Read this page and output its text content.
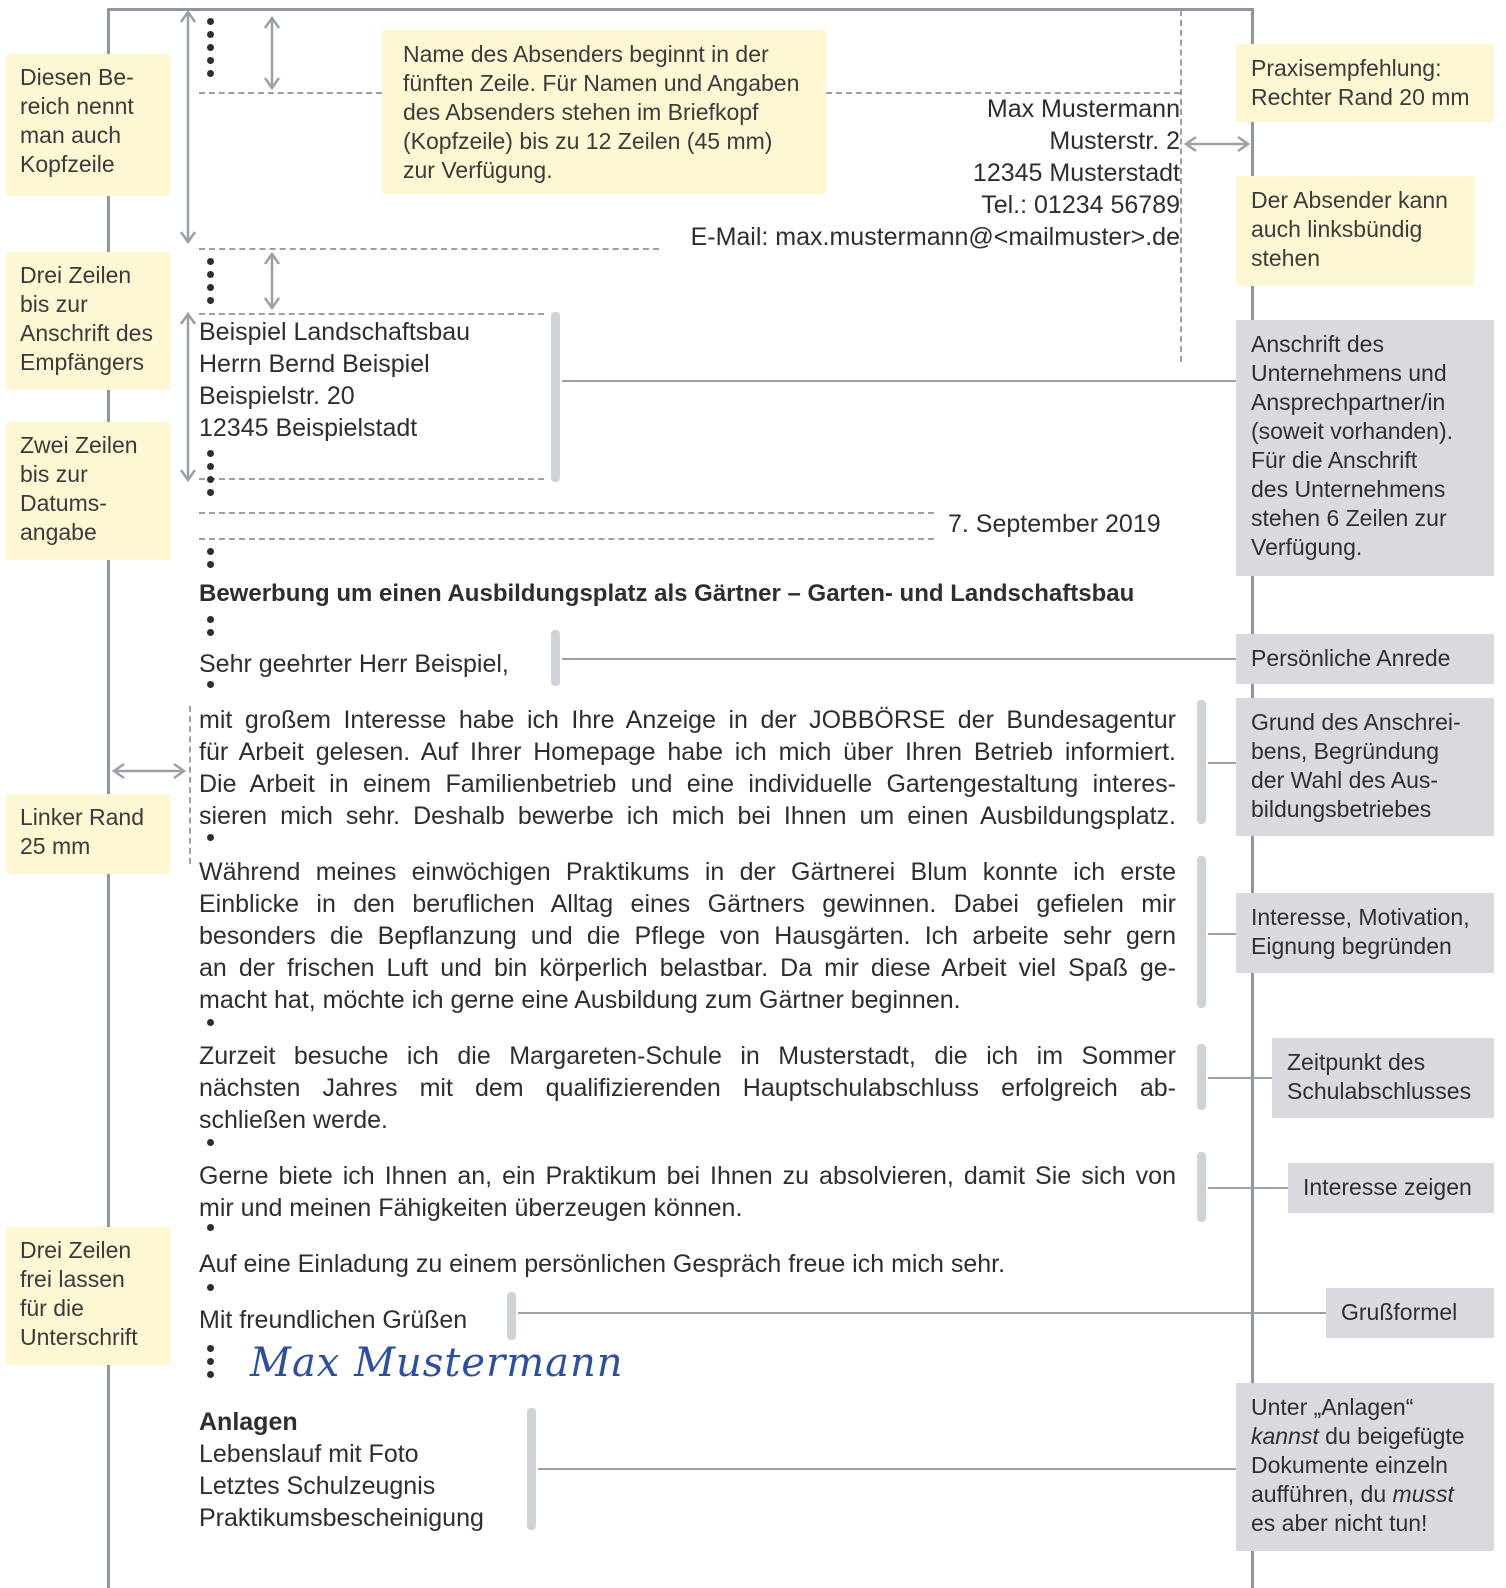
Diesen Be-
reich nennt
man auch
Kopfzeile
Drei Zeilen
bis zur
Anschrift des
Empfängers
Zwei Zeilen
bis zur
Datums-
angabe
Linker Rand
25 mm
Drei Zeilen
frei lassen
für die
Unterschrift
Name des Absenders beginnt in der
fünften Zeile. Für Namen und Angaben
des Absenders stehen im Briefkopf
(Kopfzeile) bis zu 12 Zeilen (45 mm)
zur Verfügung.
Praxisempfehlung:
Rechter Rand 20 mm
Der Absender kann
auch linksbündig
stehen
Anschrift des
Unternehmens und
Ansprechpartner/in
(soweit vorhanden).
Für die Anschrift
des Unternehmens
stehen 6 Zeilen zur
Verfügung.
Persönliche Anrede
Grund des Anschrei-
bens, Begründung
der Wahl des Aus-
bildungsbetriebes
Interesse, Motivation,
Eignung begründen
Zeitpunkt des
Schulabschlusses
Interesse zeigen
Grußformel
Unter „Anlagen“
kannst du beigefügte
Dokumente einzeln
aufführen, du musst
es aber nicht tun!
Max Mustermann
Musterstr. 2
12345 Musterstadt
Tel.: 01234 56789
E-Mail: max.mustermann@<mailmuster>.de
Beispiel Landschaftsbau
Herrn Bernd Beispiel
Beispielstr. 20
12345 Beispielstadt
7. September 2019
Bewerbung um einen Ausbildungsplatz als Gärtner – Garten- und Landschaftsbau
Sehr geehrter Herr Beispiel,
mit großem Interesse habe ich Ihre Anzeige in der JOBBÖRSE der Bundesagentur
für Arbeit gelesen. Auf Ihrer Homepage habe ich mich über Ihren Betrieb informiert.
Die Arbeit in einem Familienbetrieb und eine individuelle Gartengestaltung interes-
sieren mich sehr. Deshalb bewerbe ich mich bei Ihnen um einen Ausbildungsplatz.
Während meines einwöchigen Praktikums in der Gärtnerei Blum konnte ich erste
Einblicke in den beruflichen Alltag eines Gärtners gewinnen. Dabei gefielen mir
besonders die Bepflanzung und die Pflege von Hausgärten. Ich arbeite sehr gern
an der frischen Luft und bin körperlich belastbar. Da mir diese Arbeit viel Spaß ge-
macht hat, möchte ich gerne eine Ausbildung zum Gärtner beginnen.
Zurzeit besuche ich die Margareten-Schule in Musterstadt, die ich im Sommer
nächsten Jahres mit dem qualifizierenden Hauptschulabschluss erfolgreich ab-
schließen werde.
Gerne biete ich Ihnen an, ein Praktikum bei Ihnen zu absolvieren, damit Sie sich von
mir und meinen Fähigkeiten überzeugen können.
Auf eine Einladung zu einem persönlichen Gespräch freue ich mich sehr.
Mit freundlichen Grüßen
Max Mustermann
Anlagen
Lebenslauf mit Foto
Letztes Schulzeugnis
Praktikumsbescheinigung
